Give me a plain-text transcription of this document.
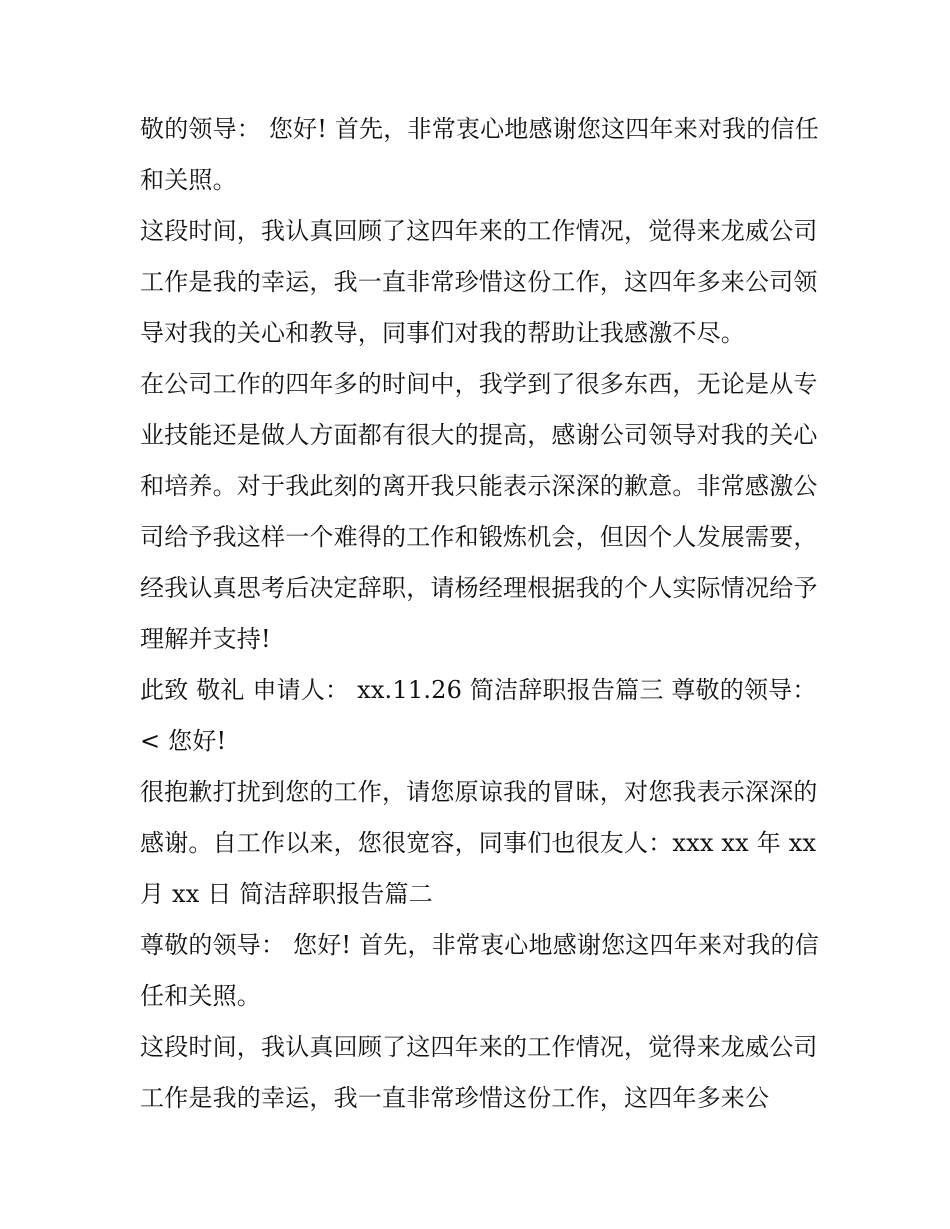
敬的领导： 您好! 首先，非常衷心地感谢您这四年来对我的信任和关照。

这段时间，我认真回顾了这四年来的工作情况，觉得来龙威公司工作是我的幸运，我一直非常珍惜这份工作，这四年多来公司领导对我的关心和教导，同事们对我的帮助让我感激不尽。

在公司工作的四年多的时间中，我学到了很多东西，无论是从专业技能还是做人方面都有很大的提高，感谢公司领导对我的关心和培养。对于我此刻的离开我只能表示深深的歉意。非常感激公司给予我这样一个难得的工作和锻炼机会，但因个人发展需要，经我认真思考后决定辞职，请杨经理根据我的个人实际情况给予理解并支持!

此致 敬礼 申请人： xx.11.26 简洁辞职报告篇三 尊敬的领导：< 您好!

很抱歉打扰到您的工作，请您原谅我的冒昧，对您我表示深深的感谢。自工作以来，您很宽容，同事们也很友人：xxx xx 年 xx 月 xx 日 简洁辞职报告篇二

尊敬的领导： 您好! 首先，非常衷心地感谢您这四年来对我的信任和关照。

这段时间，我认真回顾了这四年来的工作情况，觉得来龙威公司工作是我的幸运，我一直非常珍惜这份工作，这四年多来公
